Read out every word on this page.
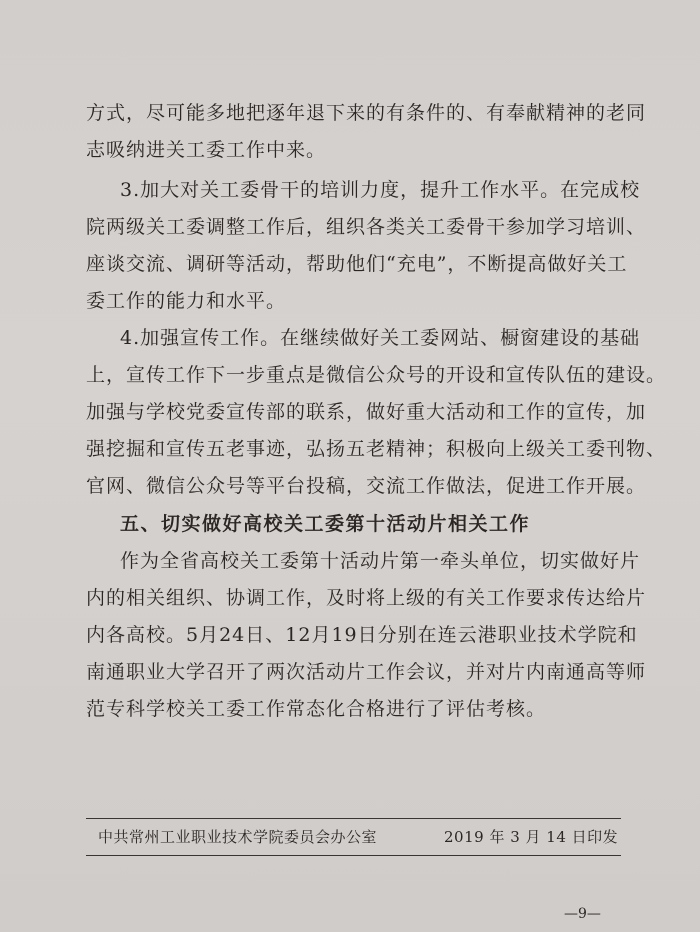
方式，尽可能多地把逐年退下来的有条件的、有奉献精神的老同
志吸纳进关工委工作中来。
3.加大对关工委骨干的培训力度，提升工作水平。在完成校
院两级关工委调整工作后，组织各类关工委骨干参加学习培训、
座谈交流、调研等活动，帮助他们“充电”，不断提高做好关工
委工作的能力和水平。
4.加强宣传工作。在继续做好关工委网站、橱窗建设的基础
上，宣传工作下一步重点是微信公众号的开设和宣传队伍的建设。
加强与学校党委宣传部的联系，做好重大活动和工作的宣传，加
强挖掘和宣传五老事迹，弘扬五老精神；积极向上级关工委刊物、
官网、微信公众号等平台投稿，交流工作做法，促进工作开展。
五、切实做好高校关工委第十活动片相关工作
作为全省高校关工委第十活动片第一牵头单位，切实做好片
内的相关组织、协调工作，及时将上级的有关工作要求传达给片
内各高校。5月24日、12月19日分别在连云港职业技术学院和
南通职业大学召开了两次活动片工作会议，并对片内南通高等师
范专科学校关工委工作常态化合格进行了评估考核。
中共常州工业职业技术学院委员会办公室	2019 年 3 月 14 日印发
—9—
